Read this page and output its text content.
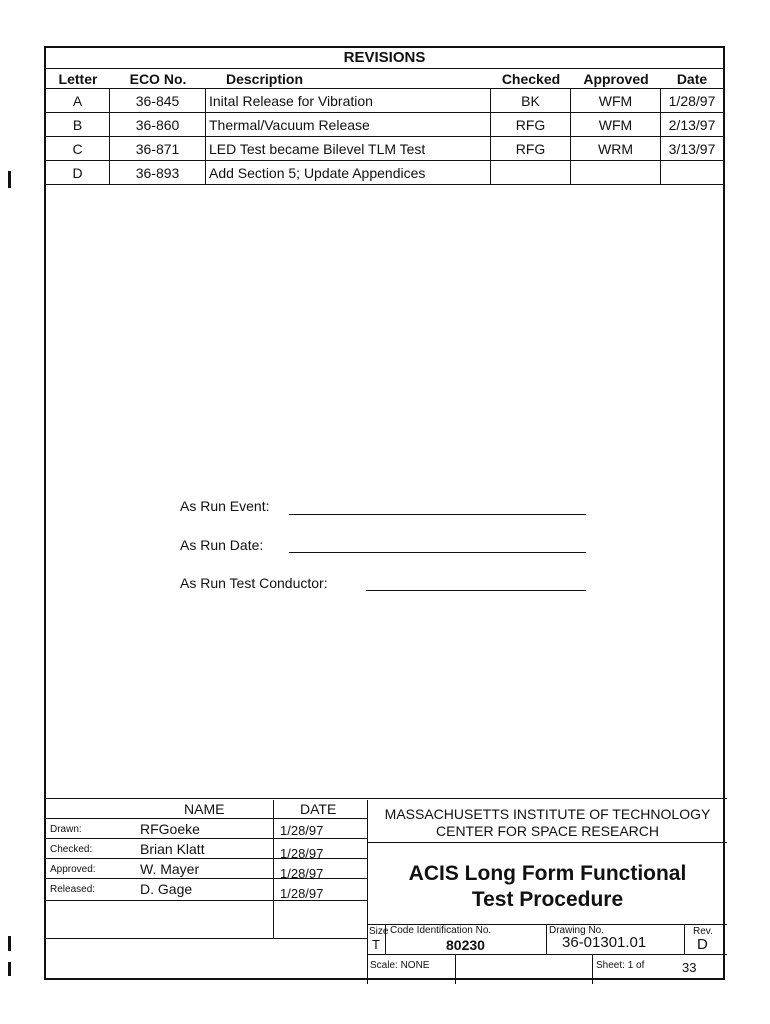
REVISIONS
Letter	ECO No.	Description	Checked	Approved	Date
A	36-845	Inital Release for Vibration	BK	WFM	1/28/97
B	36-860	Thermal/Vacuum Release	RFG	WFM	2/13/97
C	36-871	LED Test became Bilevel TLM Test	RFG	WRM	3/13/97
D	36-893	Add Section 5; Update Appendices
As Run Event:
As Run Date:
As Run Test Conductor:
NAME	DATE
Drawn:	RFGoeke	1/28/97
Checked:	Brian Klatt	1/28/97
Approved:	W. Mayer	1/28/97
Released:	D. Gage	1/28/97
MASSACHUSETTS INSTITUTE OF TECHNOLOGY
CENTER FOR SPACE RESEARCH
ACIS Long Form Functional
Test Procedure
Size
T
Code Identification No.
80230
Drawing No.
36-01301.01
Rev.
D
Scale: NONE	Sheet: 1 of	33
